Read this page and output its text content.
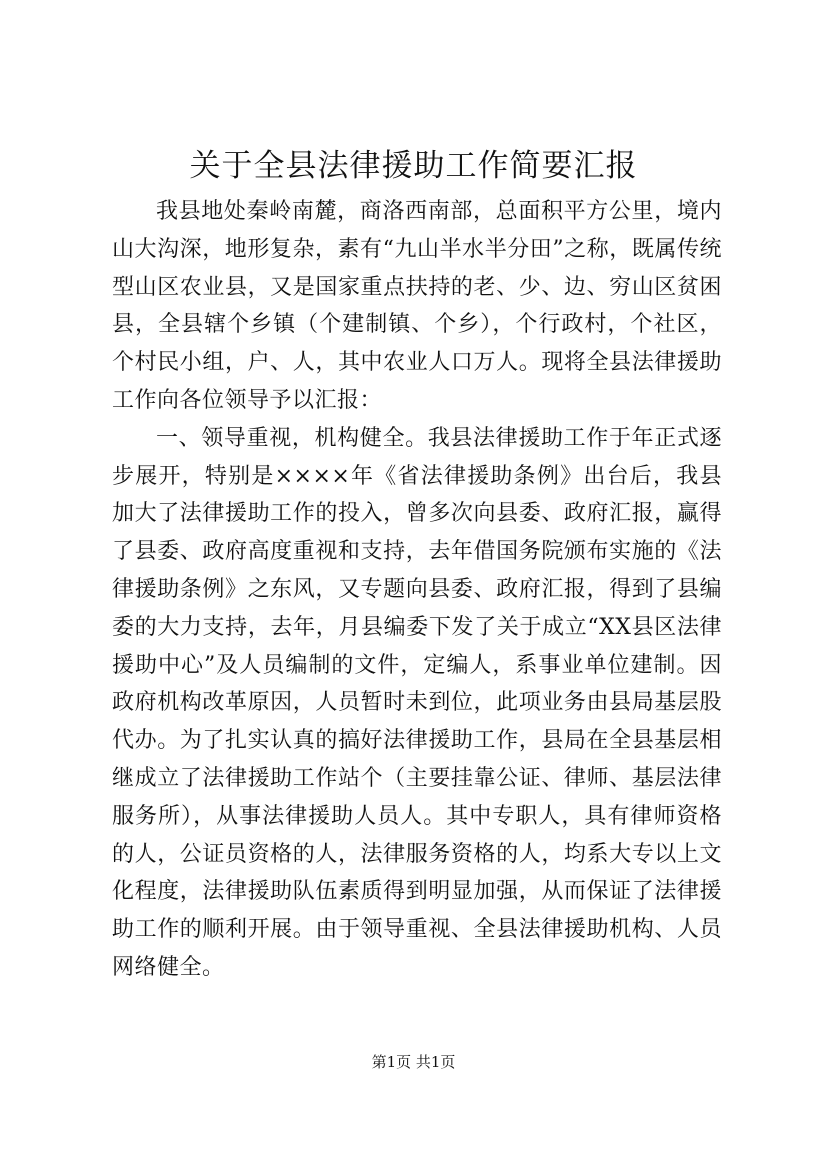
关于全县法律援助工作简要汇报

我县地处秦岭南麓，商洛西南部，总面积平方公里，境内山大沟深，地形复杂，素有“九山半水半分田”之称，既属传统型山区农业县，又是国家重点扶持的老、少、边、穷山区贫困县，全县辖个乡镇（个建制镇、个乡），个行政村，个社区，个村民小组，户、人，其中农业人口万人。现将全县法律援助工作向各位领导予以汇报：

一、领导重视，机构健全。我县法律援助工作于年正式逐步展开，特别是××××年《省法律援助条例》出台后，我县加大了法律援助工作的投入，曾多次向县委、政府汇报，赢得了县委、政府高度重视和支持，去年借国务院颁布实施的《法律援助条例》之东风，又专题向县委、政府汇报，得到了县编委的大力支持，去年，月县编委下发了关于成立“XX县区法律援助中心”及人员编制的文件，定编人，系事业单位建制。因政府机构改革原因，人员暂时未到位，此项业务由县局基层股代办。为了扎实认真的搞好法律援助工作，县局在全县基层相继成立了法律援助工作站个（主要挂靠公证、律师、基层法律服务所），从事法律援助人员人。其中专职人，具有律师资格的人，公证员资格的人，法律服务资格的人，均系大专以上文化程度，法律援助队伍素质得到明显加强，从而保证了法律援助工作的顺利开展。由于领导重视、全县法律援助机构、人员网络健全。

第1页 共1页
